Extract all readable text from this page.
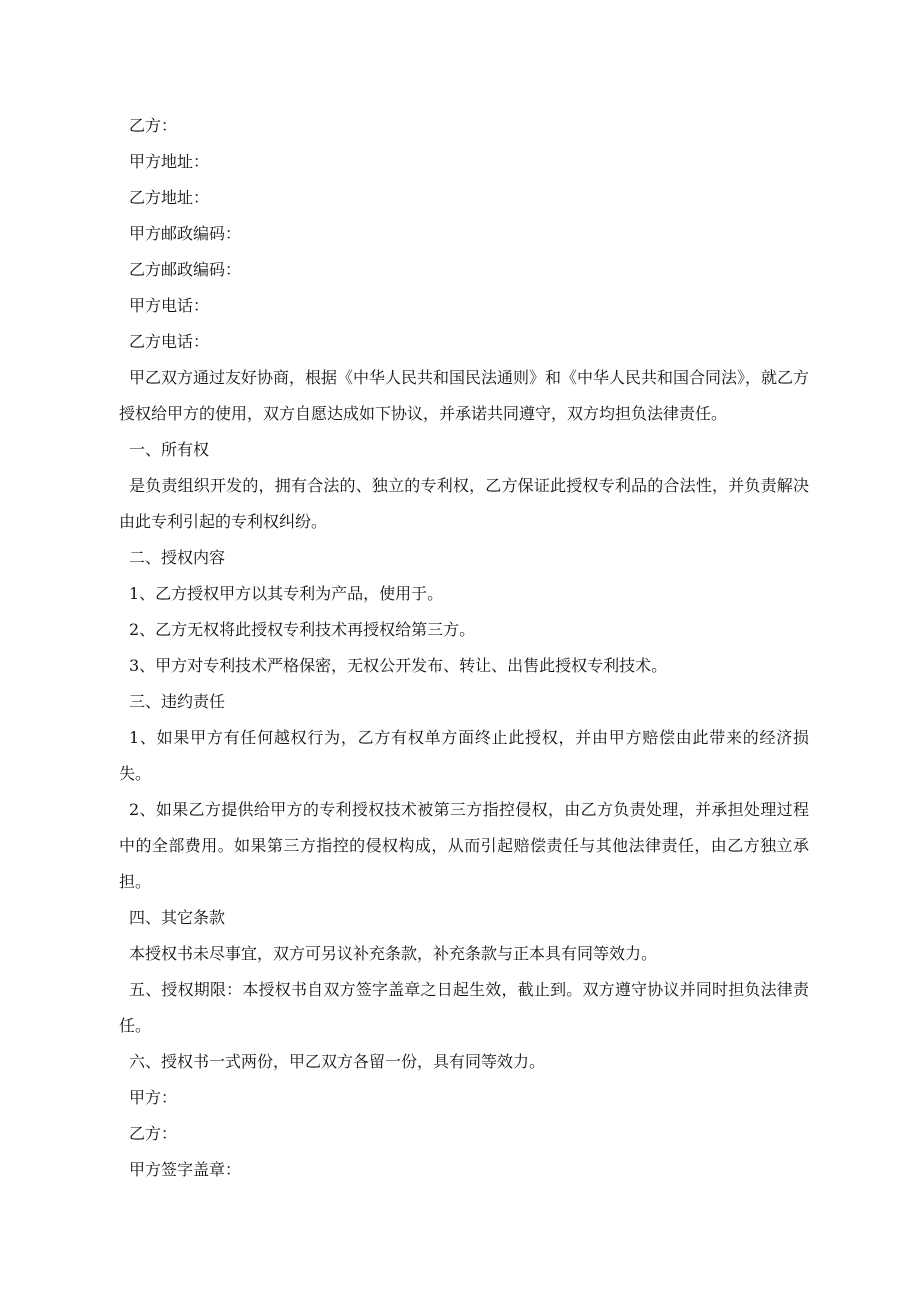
乙方：
甲方地址：
乙方地址：
甲方邮政编码：
乙方邮政编码：
甲方电话：
乙方电话：
甲乙双方通过友好协商，根据《中华人民共和国民法通则》和《中华人民共和国合同法》，就乙方授权给甲方的使用，双方自愿达成如下协议，并承诺共同遵守，双方均担负法律责任。
一、所有权
是负责组织开发的，拥有合法的、独立的专利权，乙方保证此授权专利品的合法性，并负责解决由此专利引起的专利权纠纷。
二、授权内容
1、乙方授权甲方以其专利为产品，使用于。
2、乙方无权将此授权专利技术再授权给第三方。
3、甲方对专利技术严格保密，无权公开发布、转让、出售此授权专利技术。
三、违约责任
1、如果甲方有任何越权行为，乙方有权单方面终止此授权，并由甲方赔偿由此带来的经济损失。
2、如果乙方提供给甲方的专利授权技术被第三方指控侵权，由乙方负责处理，并承担处理过程中的全部费用。如果第三方指控的侵权构成，从而引起赔偿责任与其他法律责任，由乙方独立承担。
四、其它条款
本授权书未尽事宜，双方可另议补充条款，补充条款与正本具有同等效力。
五、授权期限：本授权书自双方签字盖章之日起生效，截止到。双方遵守协议并同时担负法律责任。
六、授权书一式两份，甲乙双方各留一份，具有同等效力。
甲方：
乙方：
甲方签字盖章：
